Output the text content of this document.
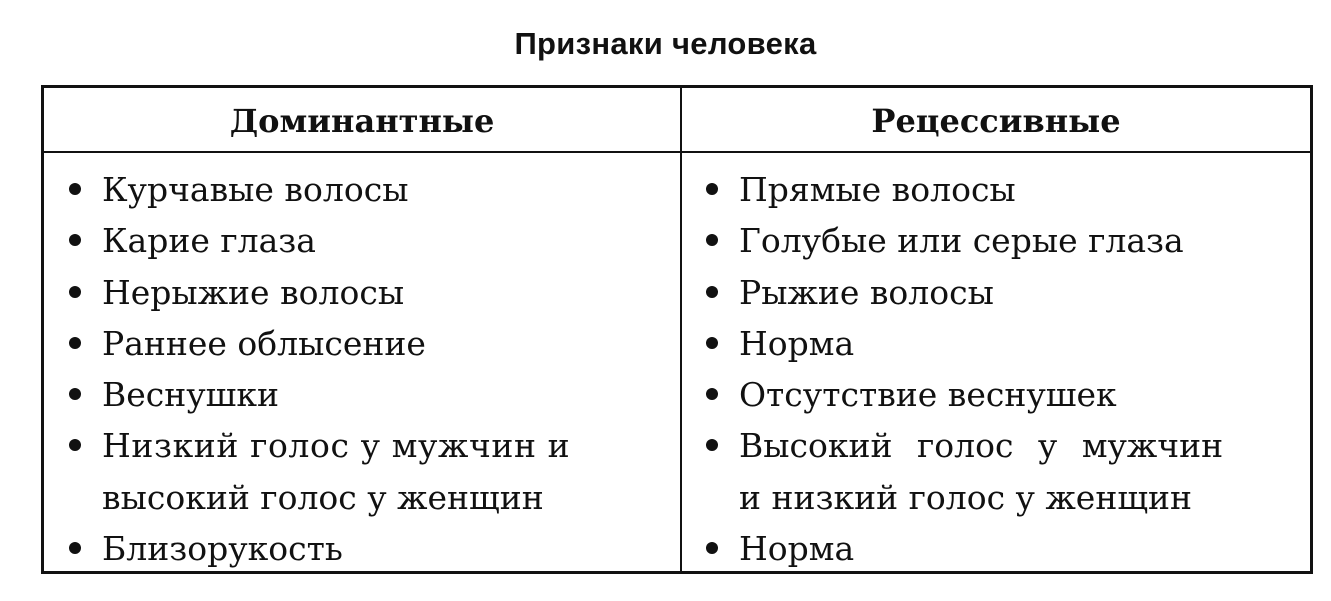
Признаки человека
Доминантные	Рецессивные
Курчавые волосы
Карие глаза
Нерыжие волосы
Раннее облысение
Веснушки
Низкий голос у мужчин и
высокий голос у женщин
Близорукость
Прямые волосы
Голубые или серые глаза
Рыжие волосы
Норма
Отсутствие веснушек
Высокий голос у мужчин
и низкий голос у женщин
Норма
